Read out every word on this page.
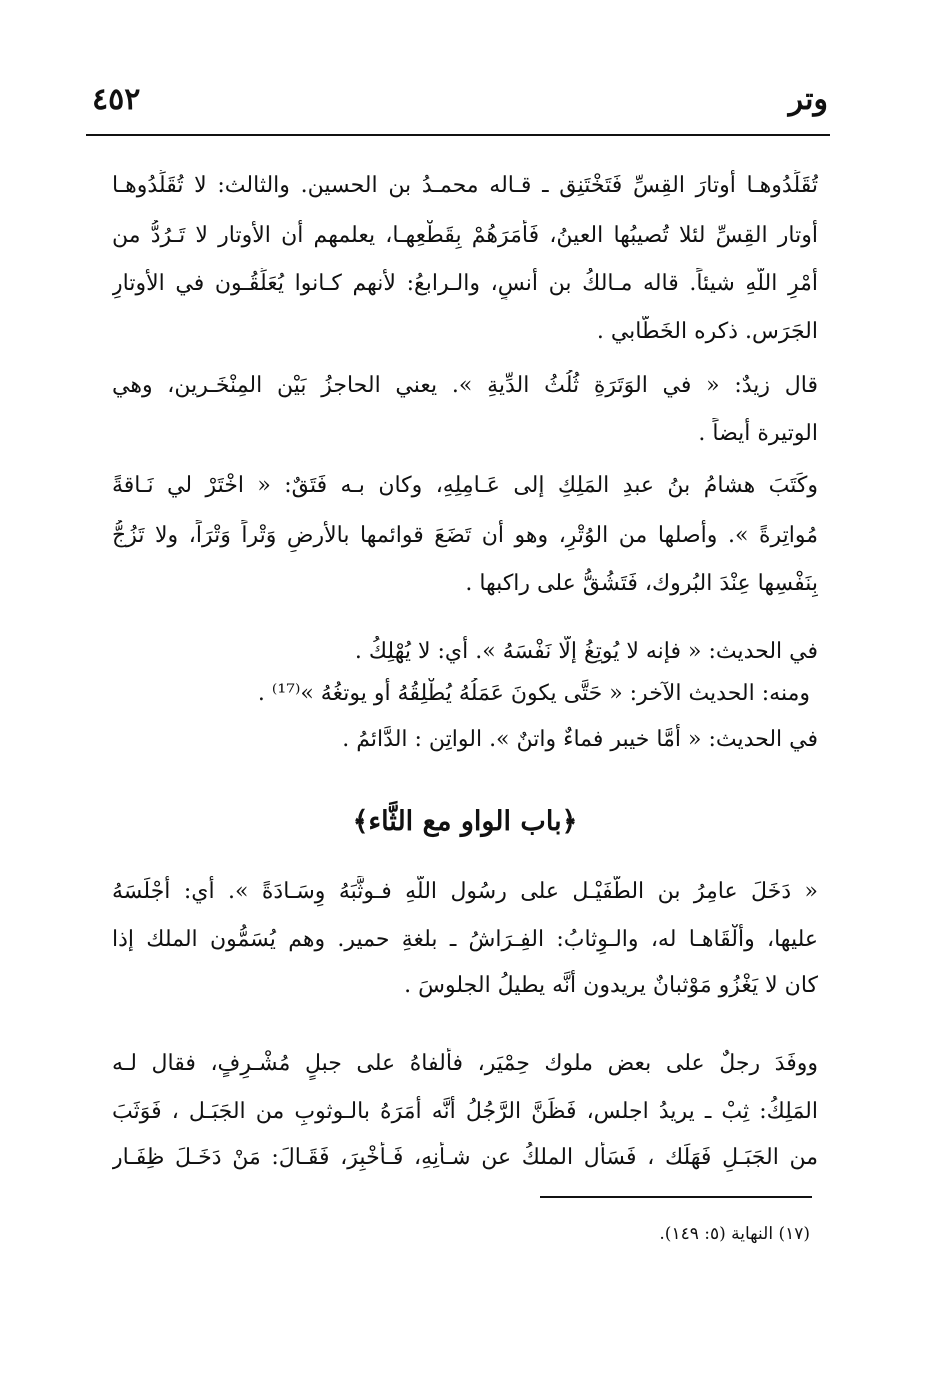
٤٥٢	وتر
تُقَلِّدُوهـا أوتارَ القِسِّ فَتَخْتَنِق ـ قـاله محمـدُ بن الحسين. والثالث: لا تُقَلِّدُوهـا
أوتار القِسِّ لئلا تُصيبُها العينُ، فَأَمَرَهُمْ بِقَطْعِهـا، يعلمهم أن الأوتار لا تَـرُدُّ من
أمْرِ اللَّهِ شيئاً. قاله مـالكُ بن أنسٍ، والـرابعُ: لأنهم كـانوا يُعَلِّقُـون في الأوتارِ
الجَرَس. ذكره الخَطَّابي .
قال زيدٌ: « في الوَتَرَةِ ثُلُثُ الدِّيةِ ». يعني الحاجزُ بَيْن المِنْخَـرين، وهي
الوتيرة أيضاً .
وكَتَبَ هشامُ بنُ عبدِ المَلِكِ إلى عَـامِلِهِ، وكان بـه فَتَقٌ: « اخْتَرْ لي نَـاقةً
مُواتِرةً ». وأصلها من الوُتْرِ، وهو أن تَضَعَ قوائمها بالأرضِ وَتْراً وَتْرَاً، ولا تَزُجُّ
بِنَفْسِها عِنْدَ البُروك، فَتَشُقُّ على راكبها .
في الحديث: « فإنه لا يُوتِغُ إلَّا نَفْسَهُ ». أي: لا يُهْلِكُ .
ومنه: الحديث الآخر: « حَتَّى يكونَ عَمَلُهُ يُطْلِقُهُ أو يوتغُهُ »⁽¹⁷⁾ .
في الحديث: « أمَّا خيبر فماءٌ واتنٌ ». الواتِن : الدَّائمُ .
﴿باب الواو مع الثَّاء﴾
« دَخَلَ عامِرُ بن الطُّفَيْـل على رسُول اللَّهِ فـوثَّبَهُ وِسَـادَةً ». أي: أجْلَسَهُ
عليها، وألْقَاهـا له، والـوِثابُ: الفِـرَاشُ ـ بلغةِ حمير. وهم يُسَمُّون الملك إذا
كان لا يَغْزُو مَوْثبانٌ يريدون أنَّه يطيلُ الجلوسَ .
ووفَدَ رجلٌ على بعض ملوك حِمْيَر، فألفاهُ على جبلٍ مُشْـرِفٍ، فقال لـه
المَلِكُ: ثِبْ ـ يريدُ اجلس، فَظَنَّ الرَّجُلُ أنَّه أمَرَهُ بالـوثوبِ من الجَبَـل ، فَوَثَبَ
من الجَبَـلِ فَهَلَك ، فَسَأَل الملكُ عن شـأنِهِ، فَـأُخْبِرَ، فَقَـالَ: مَنْ دَخَـلَ ظِفَـار
(١٧) النهاية (٥: ١٤٩).
